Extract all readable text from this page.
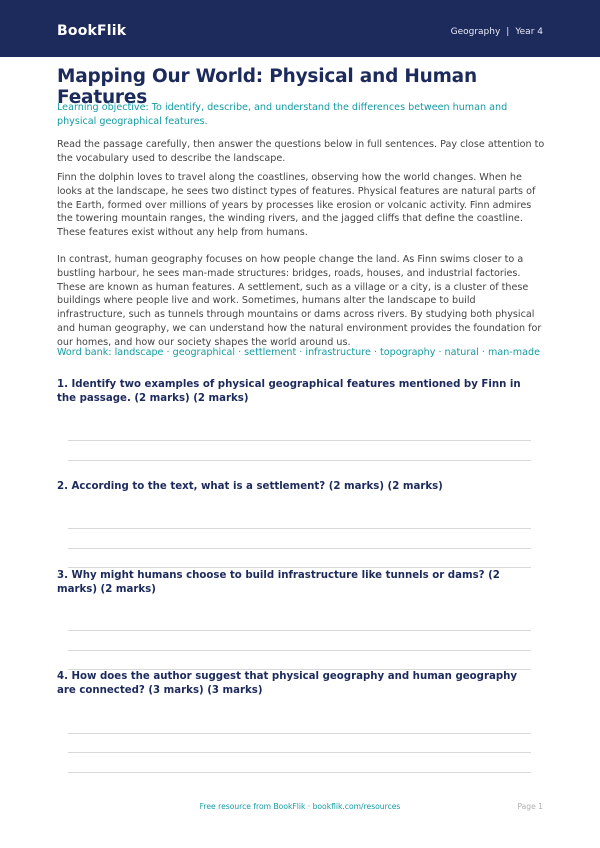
BookFlik	Geography | Year 4
Mapping Our World: Physical and Human Features

Learning objective: To identify, describe, and understand the differences between human and physical geographical features.

Read the passage carefully, then answer the questions below in full sentences. Pay close attention to the vocabulary used to describe the landscape.

Finn the dolphin loves to travel along the coastlines, observing how the world changes. When he looks at the landscape, he sees two distinct types of features. Physical features are natural parts of the Earth, formed over millions of years by processes like erosion or volcanic activity. Finn admires the towering mountain ranges, the winding rivers, and the jagged cliffs that define the coastline. These features exist without any help from humans.

In contrast, human geography focuses on how people change the land. As Finn swims closer to a bustling harbour, he sees man-made structures: bridges, roads, houses, and industrial factories. These are known as human features. A settlement, such as a village or a city, is a cluster of these buildings where people live and work. Sometimes, humans alter the landscape to build infrastructure, such as tunnels through mountains or dams across rivers. By studying both physical and human geography, we can understand how the natural environment provides the foundation for our homes, and how our society shapes the world around us.

Word bank: landscape · geographical · settlement · infrastructure · topography · natural · man-made

1. Identify two examples of physical geographical features mentioned by Finn in the passage. (2 marks) (2 marks)

2. According to the text, what is a settlement? (2 marks) (2 marks)

3. Why might humans choose to build infrastructure like tunnels or dams? (2 marks) (2 marks)

4. How does the author suggest that physical geography and human geography are connected? (3 marks) (3 marks)

Free resource from BookFlik · bookflik.com/resources	Page 1
